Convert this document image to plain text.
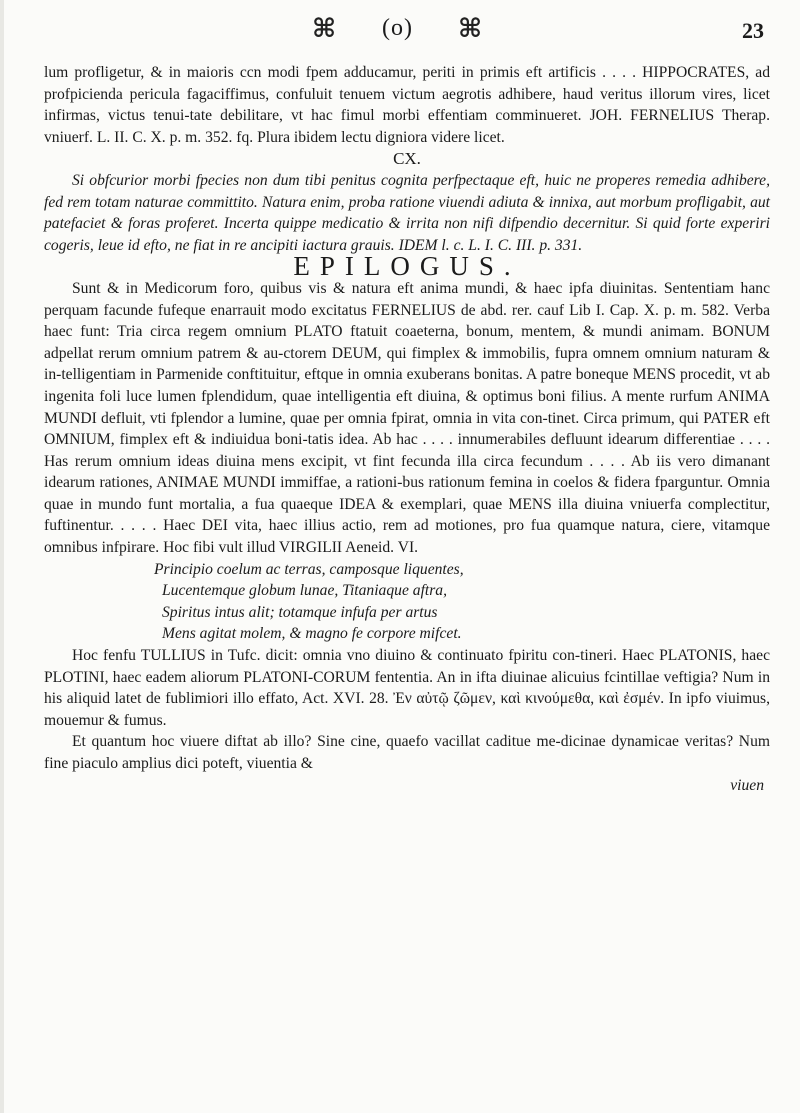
⌘ (o) ⌘	23

lum profligetur, & in maioris ccn modi fpem adducamur, periti in primis eft artificis . . . . HIPPOCRATES, ad profpicienda pericula fagaciffimus, confuluit tenuem victum aegrotis adhibere, haud veritus illorum vires, licet infirmas, victus tenui-tate debilitare, vt hac fimul morbi effentiam comminueret. JOH. FERNELIUS Therap. vniuerf. L. II. C. X. p. m. 352. fq. Plura ibidem lectu digniora videre licet.

CX.

Si obfcurior morbi fpecies non dum tibi penitus cognita perfpectaque eft, huic ne properes remedia adhibere, fed rem totam naturae committito. Natura enim, proba ratione viuendi adiuta & innixa, aut morbum profligabit, aut patefaciet & foras proferet. Incerta quippe medicatio & irrita non nifi difpendio decernitur. Si quid forte experiri cogeris, leue id efto, ne fiat in re ancipiti iactura grauis. IDEM l. c. L. I. C. III. p. 331.

EPILOGUS.

Sunt & in Medicorum foro, quibus vis & natura eft anima mundi, & haec ipfa diuinitas. Sententiam hanc perquam facunde fufeque enarrauit modo excitatus FERNELIUS de abd. rer. cauf Lib I. Cap. X. p. m. 582. Verba haec funt: Tria circa regem omnium PLATO ftatuit coaeterna, bonum, mentem, & mundi animam. BONUM adpellat rerum omnium patrem & au-ctorem DEUM, qui fimplex & immobilis, fupra omnem omnium naturam & in-telligentiam in Parmenide conftituitur, eftque in omnia exuberans bonitas. A patre boneque MENS procedit, vt ab ingenita foli luce lumen fplendidum, quae intelligentia eft diuina, & optimus boni filius. A mente rurfum ANIMA MUNDI defluit, vti fplendor a lumine, quae per omnia fpirat, omnia in vita con-tinet. Circa primum, qui PATER eft OMNIUM, fimplex eft & indiuidua boni-tatis idea. Ab hac . . . . innumerabiles defluunt idearum differentiae . . . . Has rerum omnium ideas diuina mens excipit, vt fint fecunda illa circa fecundum . . . . Ab iis vero dimanant idearum rationes, ANIMAE MUNDI immiffae, a rationi-bus rationum femina in coelos & fidera fparguntur. Omnia quae in mundo funt mortalia, a fua quaeque IDEA & exemplari, quae MENS illa diuina vniuerfa complectitur, fuftinentur. . . . . Haec DEI vita, haec illius actio, rem ad motiones, pro fua quamque natura, ciere, vitamque omnibus infpirare. Hoc fibi vult illud VIRGILII Aeneid. VI.

Principio coelum ac terras, camposque liquentes,

Lucentemque globum lunae, Titaniaque aftra,

Spiritus intus alit; totamque infufa per artus

Mens agitat molem, & magno fe corpore mifcet.

Hoc fenfu TULLIUS in Tufc. dicit: omnia vno diuino & continuato fpiritu con-tineri. Haec PLATONIS, haec PLOTINI, haec eadem aliorum PLATONI-CORUM fententia. An in ifta diuinae alicuius fcintillae veftigia? Num in his aliquid latet de fublimiori illo effato, Act. XVI. 28. Ἐν αὐτῷ ζῶμεν, καὶ κινούμεθα, καὶ ἐσμέν. In ipfo viuimus, mouemur & fumus.

Et quantum hoc viuere diftat ab illo? Sine cine, quaefo vacillat caditue me-dicinae dynamicae veritas? Num fine piaculo amplius dici poteft, viuentia &

viuen
